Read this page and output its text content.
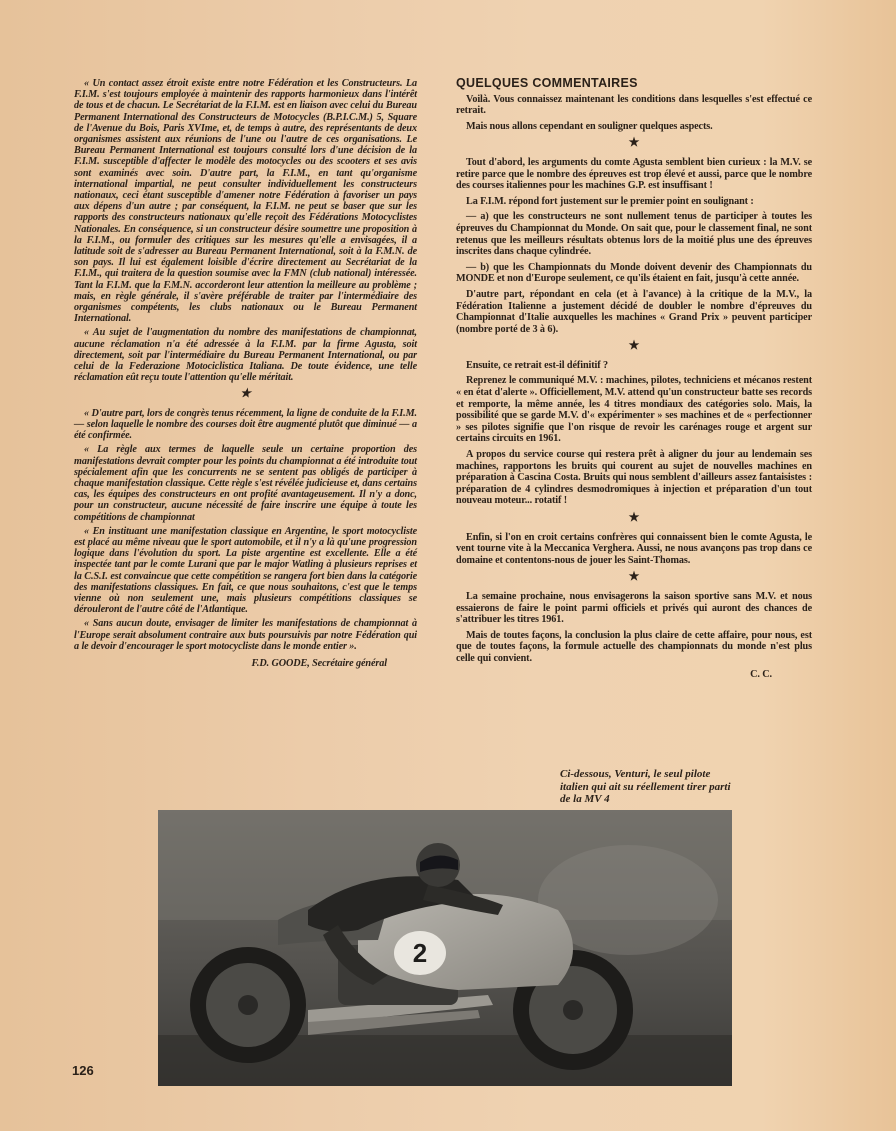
« Un contact assez étroit existe entre notre Fédération et les Constructeurs. La F.I.M. s'est toujours employée à maintenir des rapports harmonieux dans l'intérêt de tous et de chacun. Le Secrétariat de la F.I.M. est en liaison avec celui du Bureau Permanent International des Constructeurs de Motocycles (B.P.I.C.M.) 5, Square de l'Avenue du Bois, Paris XVIme, et, de temps à autre, des représentants de deux organismes assistent aux réunions de l'une ou l'autre de ces organisations. Le Bureau Permanent International est toujours consulté lors d'une décision de la F.I.M. susceptible d'affecter le modèle des motocycles ou des scooters et ses avis sont examinés avec soin. D'autre part, la F.I.M., en tant qu'organisme international impartial, ne peut consulter individuellement les constructeurs nationaux, ceci étant susceptible d'amener notre Fédération à favoriser un pays aux dépens d'un autre ; par conséquent, la F.I.M. ne peut se baser que sur les rapports des constructeurs nationaux qu'elle reçoit des Fédérations Motocyclistes Nationales. En conséquence, si un constructeur désire soumettre une proposition à la F.I.M., ou formuler des critiques sur les mesures qu'elle a envisagées, il a latitude soit de s'adresser au Bureau Permanent International, soit à la F.M.N. de son pays. Il lui est également loisible d'écrire directement au Secrétariat de la F.I.M., qui traitera de la question soumise avec la FMN (club national) intéressée. Tant la F.I.M. que la F.M.N. accorderont leur attention la meilleure au problème ; mais, en règle générale, il s'avère préférable de traiter par l'intermédiaire des organismes compétents, les clubs nationaux ou le Bureau Permanent International.

« Au sujet de l'augmentation du nombre des manifestations de championnat, aucune réclamation n'a été adressée à la F.I.M. par la firme Agusta, soit directement, soit par l'intermédiaire du Bureau Permanent International, ou par celui de la Federazione Motociclistica Italiana. De toute évidence, une telle réclamation eût reçu toute l'attention qu'elle méritait.

★

« D'autre part, lors de congrès tenus récemment, la ligne de conduite de la F.I.M. — selon laquelle le nombre des courses doit être augmenté plutôt que diminué — a été confirmée.

« La règle aux termes de laquelle seule un certaine proportion des manifestations devrait compter pour les points du championnat a été introduite tout spécialement afin que les concurrents ne se sentent pas obligés de participer à chaque manifestation classique. Cette règle s'est révélée judicieuse et, dans certains cas, les équipes des constructeurs en ont profité avantageusement. Il n'y a donc, pour un constructeur, aucune nécessité de faire inscrire une équipe à toute les compétitions de championnat

« En instituant une manifestation classique en Argentine, le sport motocycliste est placé au même niveau que le sport automobile, et il n'y a là qu'une progression logique dans l'évolution du sport. La piste argentine est excellente. Elle a été inspectée tant par le comte Lurani que par le major Watling à plusieurs reprises et la C.S.I. est convaincue que cette compétition se rangera fort bien dans la catégorie des manifestations classiques. En fait, ce que nous souhaitons, c'est que le temps vienne où non seulement une, mais plusieurs compétitions classiques se dérouleront de l'autre côté de l'Atlantique.

« Sans aucun doute, envisager de limiter les manifestations de championnat à l'Europe serait absolument contraire aux buts poursuivis par notre Fédération qui a le devoir d'encourager le sport motocycliste dans le monde entier ».

F.D. GOODE, Secrétaire général
QUELQUES COMMENTAIRES

Voilà. Vous connaissez maintenant les conditions dans lesquelles s'est effectué ce retrait.

Mais nous allons cependant en souligner quelques aspects.

★

Tout d'abord, les arguments du comte Agusta semblent bien curieux : la M.V. se retire parce que le nombre des épreuves est trop élevé et aussi, parce que le nombre des courses italiennes pour les machines G.P. est insuffisant !

La F.I.M. répond fort justement sur le premier point en soulignant :

— a) que les constructeurs ne sont nullement tenus de participer à toutes les épreuves du Championnat du Monde. On sait que, pour le classement final, ne sont retenus que les meilleurs résultats obtenus lors de la moitié plus une des épreuves inscrites dans chaque cylindrée.

— b) que les Championnats du Monde doivent devenir des Championnats du MONDE et non d'Europe seulement, ce qu'ils étaient en fait, jusqu'à cette année.

D'autre part, répondant en cela (et à l'avance) à la critique de la M.V., la Fédération Italienne a justement décidé de doubler le nombre d'épreuves du Championnat d'Italie auxquelles les machines « Grand Prix » peuvent participer (nombre porté de 3 à 6).

★

Ensuite, ce retrait est-il définitif ?

Reprenez le communiqué M.V. : machines, pilotes, techniciens et mécanos restent « en état d'alerte ». Officiellement, M.V. attend qu'un constructeur batte ses records et remporte, la même année, les 4 titres mondiaux des catégories solo. Mais, la possibilité que se garde M.V. d'« expérimenter » ses machines et de « perfectionner » ses pilotes signifie que l'on risque de revoir les carénages rouge et argent sur certains circuits en 1961.

A propos du service course qui restera prêt à aligner du jour au lendemain ses machines, rapportons les bruits qui courent au sujet de nouvelles machines en préparation à Cascina Costa. Bruits qui nous semblent d'ailleurs assez fantaisistes : préparation de 4 cylindres desmodromiques à injection et préparation d'un tout nouveau moteur... rotatif !

★

Enfin, si l'on en croit certains confrères qui connaissent bien le comte Agusta, le vent tourne vite à la Meccanica Verghera. Aussi, ne nous avançons pas trop dans ce domaine et contentons-nous de jouer les Saint-Thomas.

★

La semaine prochaine, nous envisagerons la saison sportive sans M.V. et nous essaierons de faire le point parmi officiels et privés qui auront des chances de s'attribuer les titres 1961.

Mais de toutes façons, la conclusion la plus claire de cette affaire, pour nous, est que de toutes façons, la formule actuelle des championnats du monde n'est plus celle qui convient.

C. C.
Ci-dessous, Venturi, le seul pilote italien qui ait su réellement tirer parti de la MV 4
2
126
